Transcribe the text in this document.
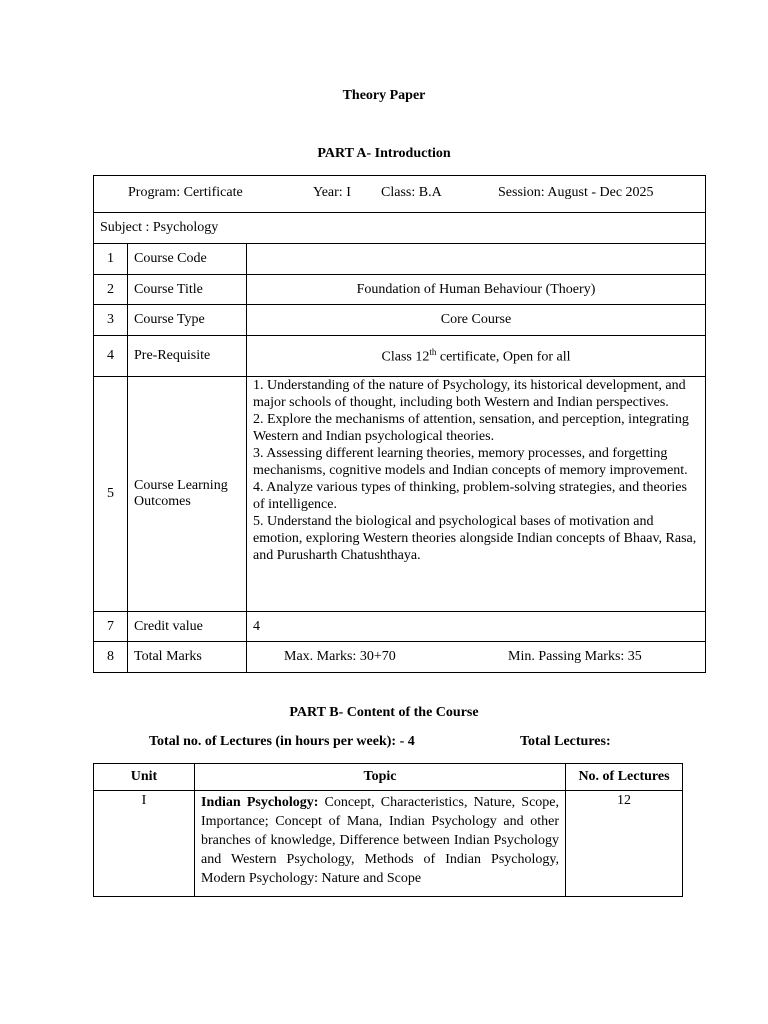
Theory Paper
PART A- Introduction
Program: Certificate Year: I Class: B.A Session: August - Dec 2025		

Subject : Psychology		
1	Course Code	
2	Course Title	Foundation of Human Behaviour (Thoery)
3	Course Type	Core Course
4	Pre-Requisite	Class 12th certificate, Open for all
5	Course Learning Outcomes	1. Understanding of the nature of Psychology, its historical development, and major schools of thought, including both Western and Indian perspectives.
2. Explore the mechanisms of attention, sensation, and perception, integrating Western and Indian psychological theories.
3. Assessing different learning theories, memory processes, and forgetting mechanisms, cognitive models and Indian concepts of memory improvement.
4. Analyze various types of thinking, problem-solving strategies, and theories of intelligence.
5. Understand the biological and psychological bases of motivation and emotion, exploring Western theories alongside Indian concepts of Bhaav, Rasa, and Purusharth Chatushthaya.

7	Credit value	4
8	Total Marks	Max. Marks: 30+70 Min. Passing Marks: 35
PART B- Content of the Course
Total no. of Lectures (in hours per week): - 4	Total Lectures:
Unit	Topic	No. of Lectures
I	Indian Psychology: Concept, Characteristics, Nature, Scope, Importance; Concept of Mana, Indian Psychology and other branches of knowledge, Difference between Indian Psychology and Western Psychology, Methods of Indian Psychology, Modern Psychology: Nature and Scope	12
